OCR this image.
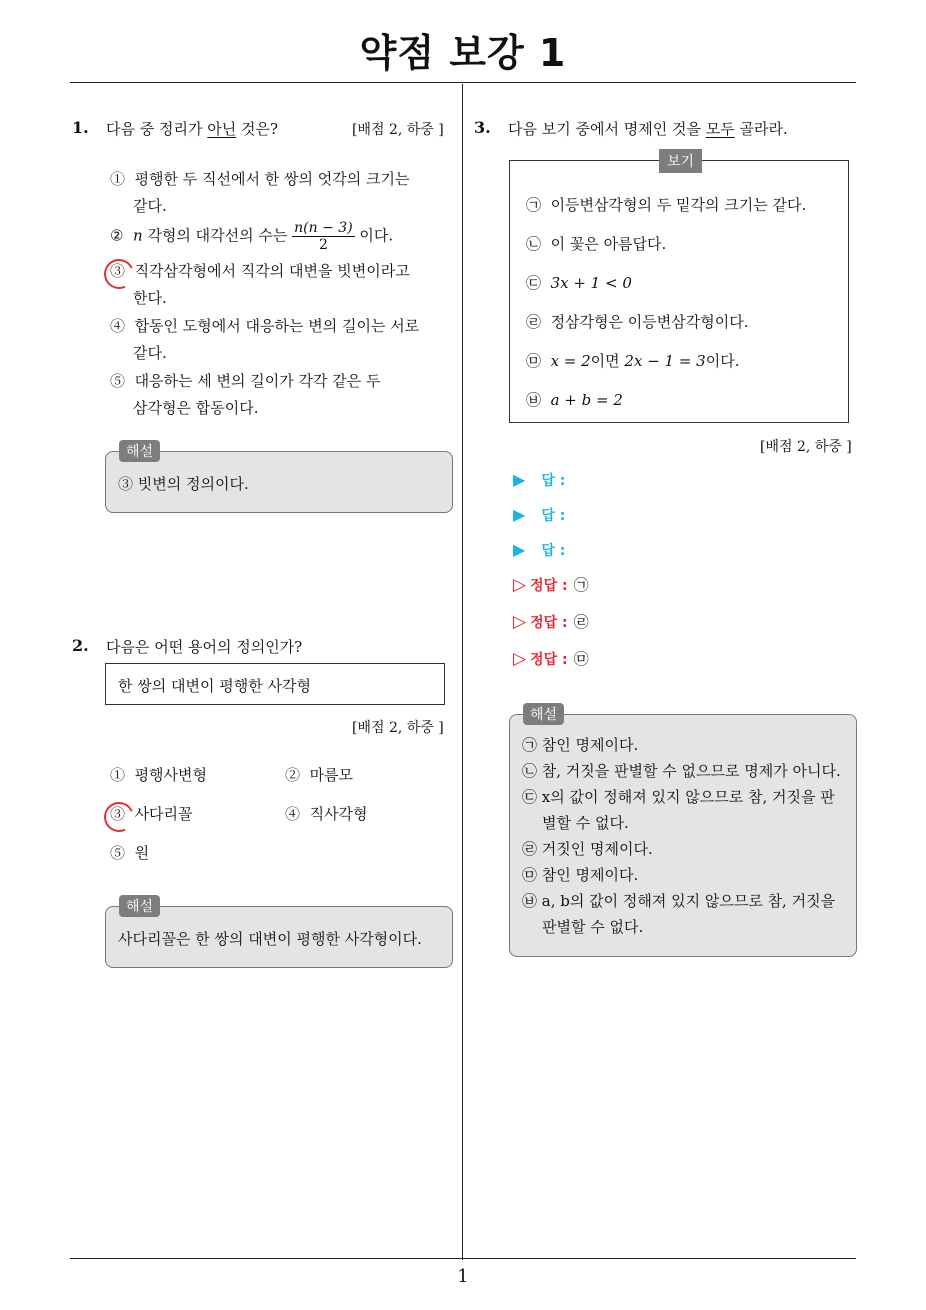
약점 보강 1
1
1. 다음 중 정리가 아닌 것은?	[배점 2, 하중 ]
① 평행한 두 직선에서 한 쌍의 엇각의 크기는
같다.
② n 각형의 대각선의 수는 $\frac{n(n - 3)}{2}$ 이다.
③ 직각삼각형에서 직각의 대변을 빗변이라고
한다.
④ 합동인 도형에서 대응하는 변의 길이는 서로
같다.
⑤ 대응하는 세 변의 길이가 각각 같은 두
삼각형은 합동이다.
③ 빗변의 정의이다.
해설
2. 다음은 어떤 용어의 정의인가?
한 쌍의 대변이 평행한 사각형
[배점 2, 하중 ]
① 평행사변형	② 마름모
③ 사다리꼴	④ 직사각형
⑤ 원
사다리꼴은 한 쌍의 대변이 평행한 사각형이다.
해설
3. 다음 보기 중에서 명제인 것을 모두 골라라.
㉠ 이등변삼각형의 두 밑각의 크기는 같다.
㉡ 이 꽃은 아름답다.
㉢ 3x + 1 < 0
㉣ 정삼각형은 이등변삼각형이다.
㉤ x = 2이면 2x − 1 = 3이다.
㉥ a + b = 2
보기
[배점 2, 하중 ]
▶ 답 :
▶ 답 :
▶ 답 :
▷ 정답 : ㉠
▷ 정답 : ㉣
▷ 정답 : ㉤
㉠ 참인 명제이다.
㉡ 참, 거짓을 판별할 수 없으므로 명제가 아니다.
㉢ x의 값이 정해져 있지 않으므로 참, 거짓을 판
별할 수 없다.
㉣ 거짓인 명제이다.
㉤ 참인 명제이다.
㉥ a, b의 값이 정해져 있지 않으므로 참, 거짓을
판별할 수 없다.
해설
